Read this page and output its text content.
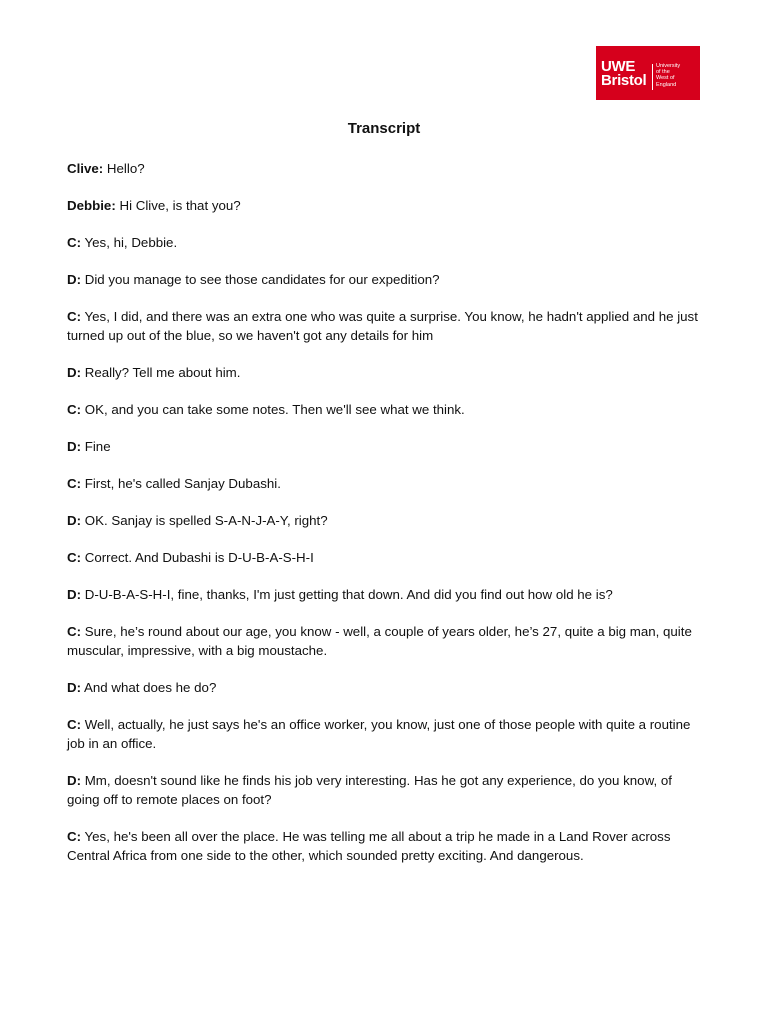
UWE
Bristol
University
of the
West of
England
Transcript

Clive: Hello?

Debbie: Hi Clive, is that you?

C: Yes, hi, Debbie.

D: Did you manage to see those candidates for our expedition?

C: Yes, I did, and there was an extra one who was quite a surprise. You know, he hadn't applied and he just turned up out of the blue, so we haven't got any details for him

D: Really? Tell me about him.

C: OK, and you can take some notes. Then we'll see what we think.

D: Fine

C: First, he's called Sanjay Dubashi.

D: OK. Sanjay is spelled S-A-N-J-A-Y, right?

C: Correct. And Dubashi is D-U-B-A-S-H-I

D: D-U-B-A-S-H-I, fine, thanks, I'm just getting that down. And did you find out how old he is?

C: Sure, he’s round about our age, you know - well, a couple of years older, he’s 27, quite a big man, quite muscular, impressive, with a big moustache.

D: And what does he do?

C: Well, actually, he just says he's an office worker, you know, just one of those people with quite a routine job in an office.

D: Mm, doesn't sound like he finds his job very interesting. Has he got any experience, do you know, of going off to remote places on foot?

C: Yes, he's been all over the place. He was telling me all about a trip he made in a Land Rover across Central Africa from one side to the other, which sounded pretty exciting. And dangerous.
